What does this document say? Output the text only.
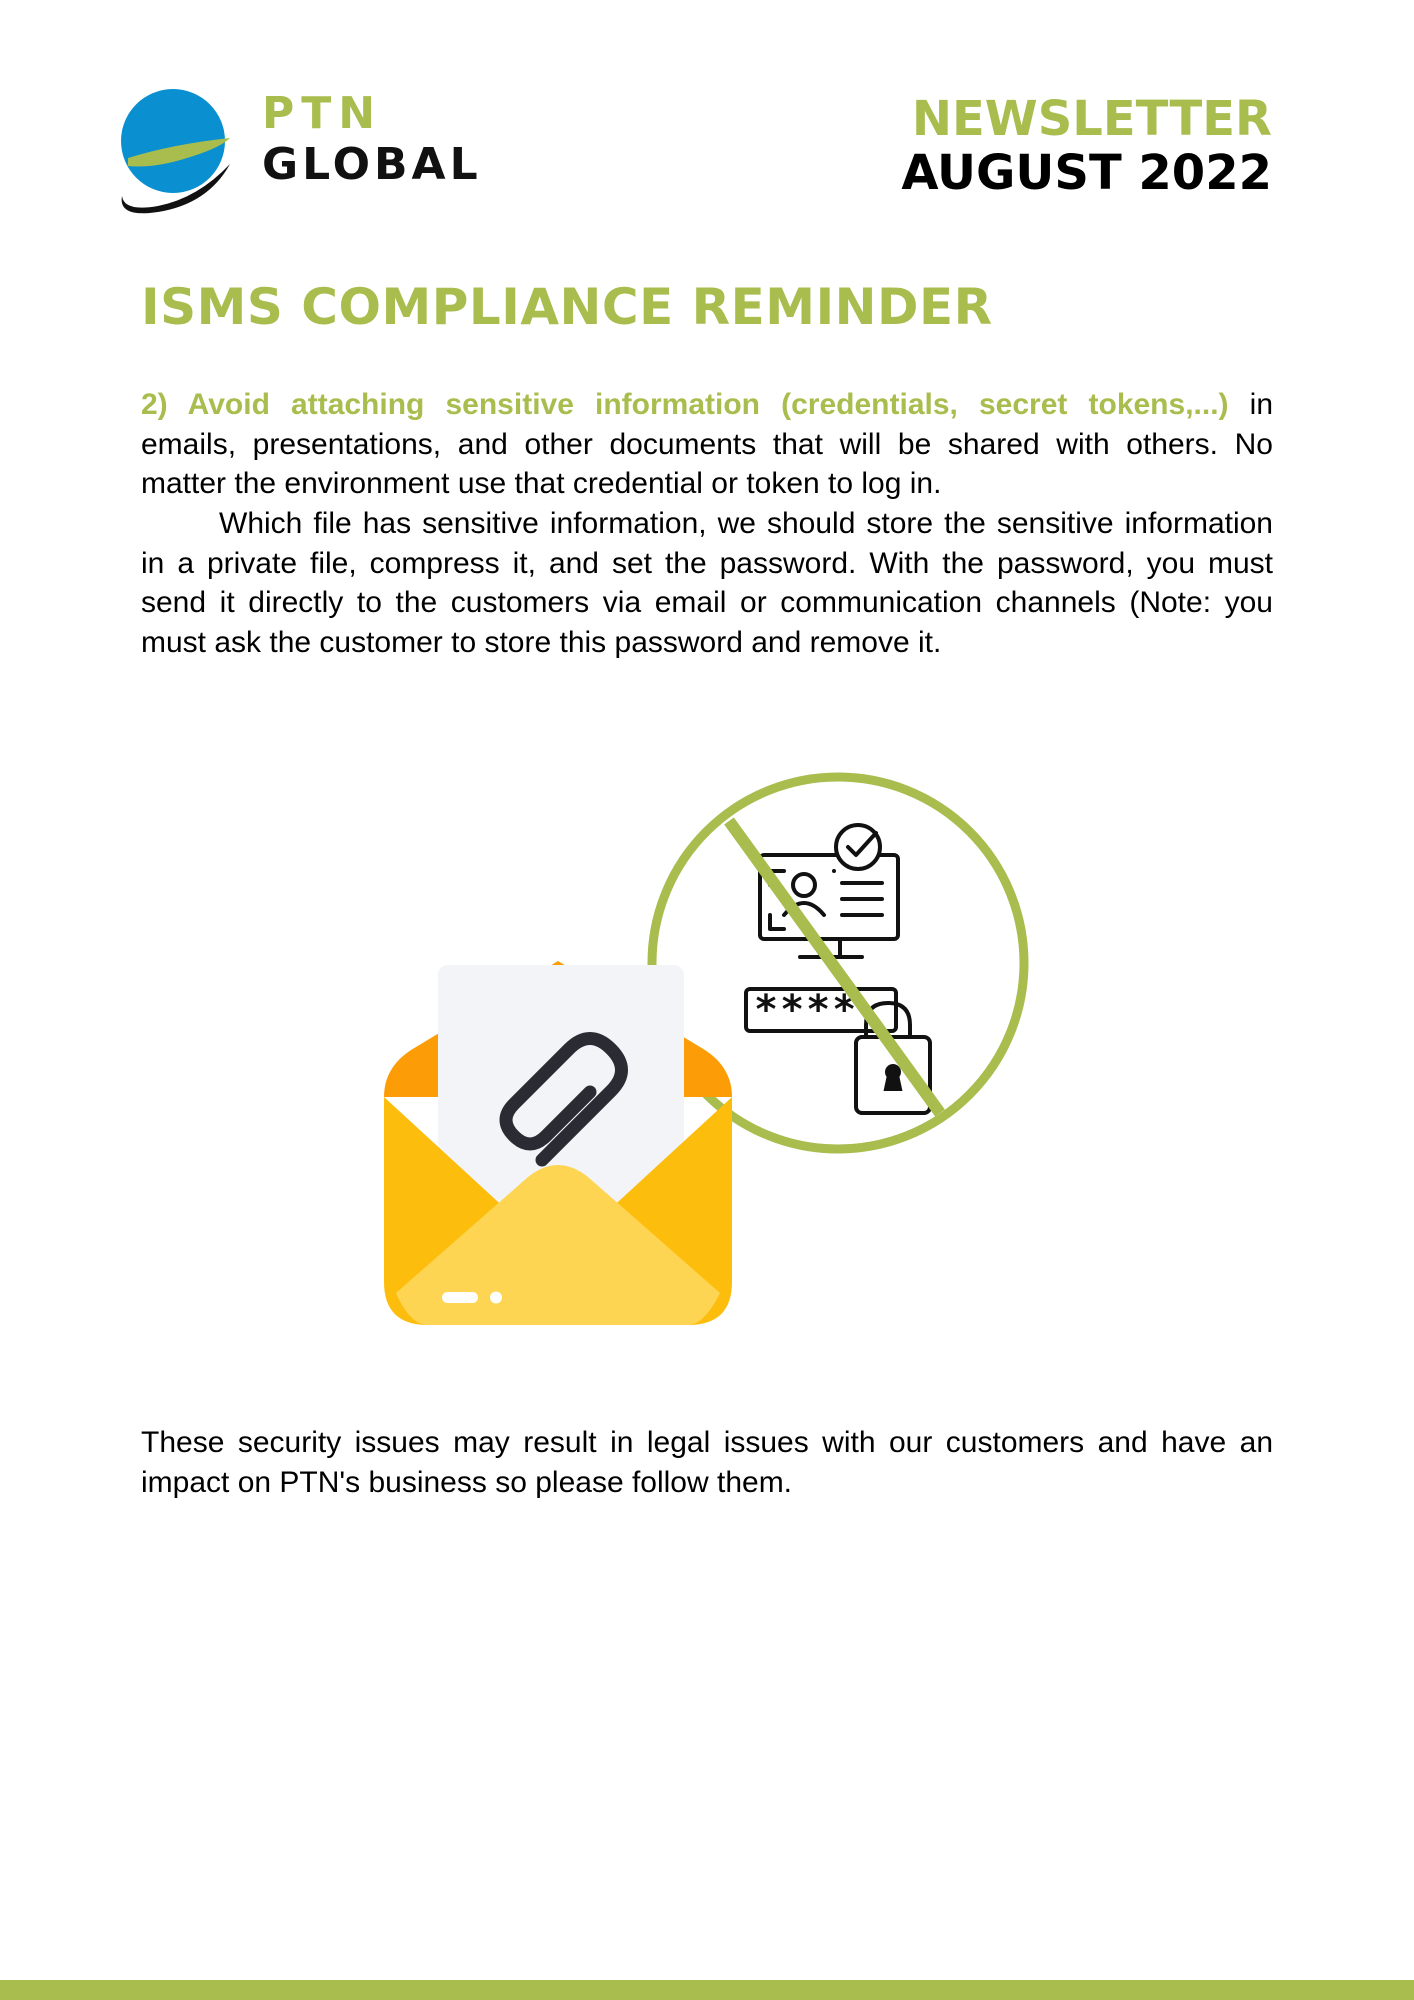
PTN
GLOBAL
NEWSLETTER
AUGUST 2022
ISMS COMPLIANCE REMINDER

2) Avoid attaching sensitive information (credentials, secret tokens,...) in emails, presentations, and other documents that will be shared with others. No matter the environment use that credential or token to log in.

Which file has sensitive information, we should store the sensitive information in a private file, compress it, and set the password. With the password, you must send it directly to the customers via email or communication channels (Note: you must ask the customer to store this password and remove it.

****

These security issues may result in legal issues with our customers and have an impact on PTN's business so please follow them.
